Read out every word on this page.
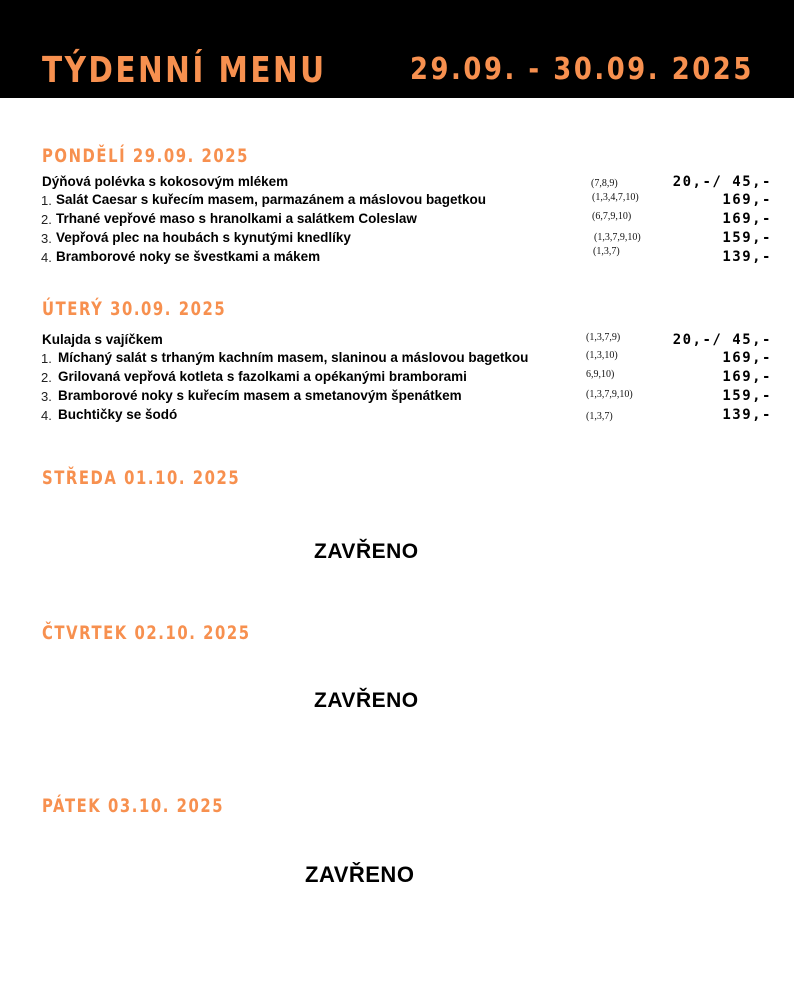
TÝDENNÍ MENU	29.09. - 30.09. 2025
PONDĚLÍ 29.09. 2025
Dýňová polévka s kokosovým mlékem	(7,8,9)	20,-/ 45,-
1. Salát Caesar s kuřecím masem, parmazánem a máslovou bagetkou	(1,3,4,7,10)	169,-
2. Trhané vepřové maso s hranolkami a salátkem Coleslaw	(6,7,9,10)	169,-
3. Vepřová plec na houbách s kynutými knedlíky	(1,3,7,9,10)	159,-
4. Bramborové noky se švestkami a mákem	(1,3,7)	139,-
ÚTERÝ 30.09. 2025
Kulajda s vajíčkem	(1,3,7,9)	20,-/ 45,-
1. Míchaný salát s trhaným kachním masem, slaninou a máslovou bagetkou	(1,3,10)	169,-
2. Grilovaná vepřová kotleta s fazolkami a opékanými bramborami	6,9,10)	169,-
3. Bramborové noky s kuřecím masem a smetanovým špenátkem	(1,3,7,9,10)	159,-
4. Buchtičky se šodó	(1,3,7)	139,-
STŘEDA 01.10. 2025
ZAVŘENO
ČTVRTEK 02.10. 2025
ZAVŘENO
PÁTEK 03.10. 2025
ZAVŘENO
